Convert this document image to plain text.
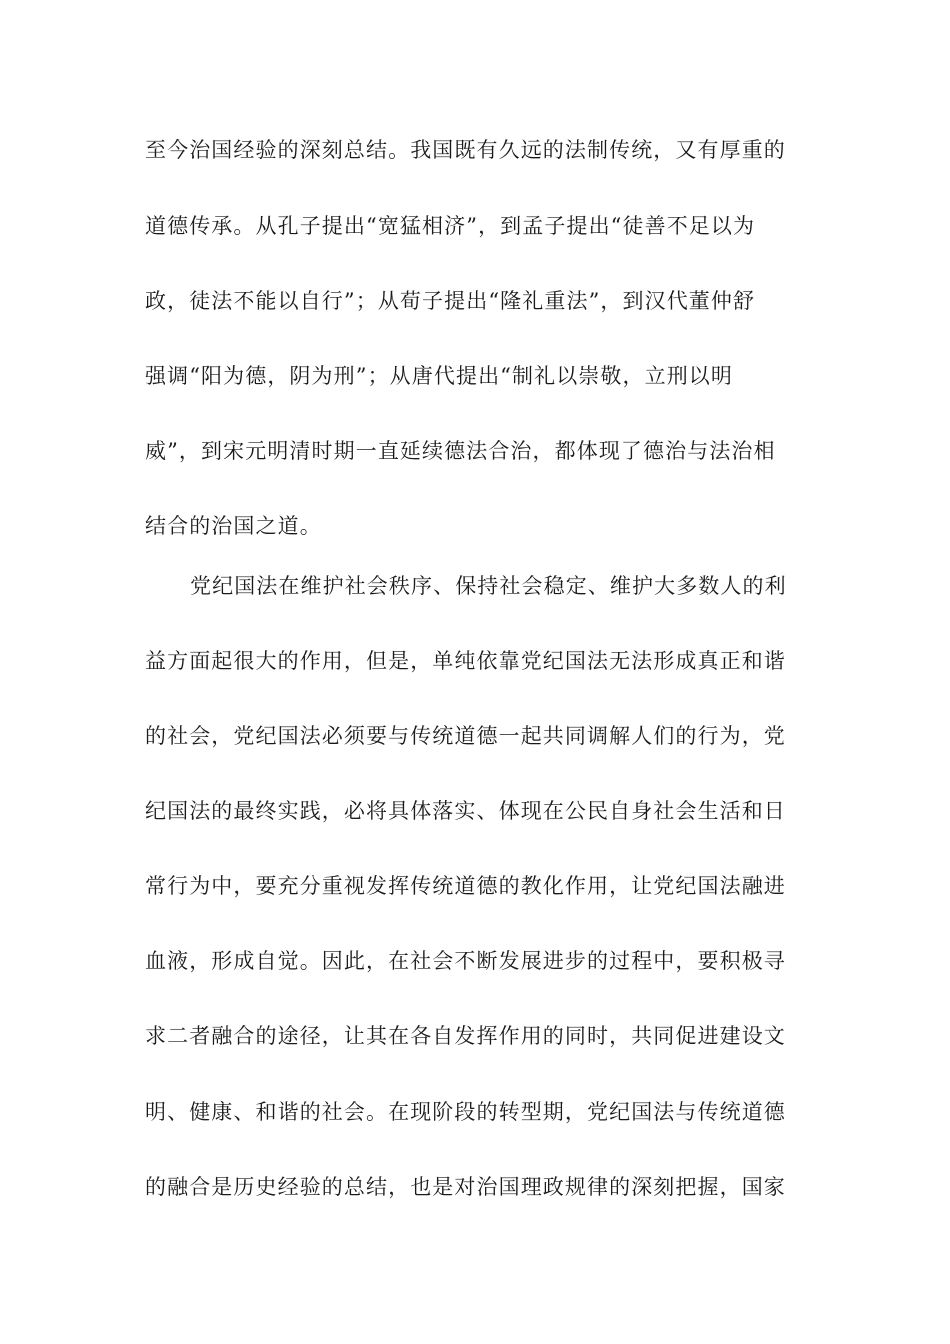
至今治国经验的深刻总结。我国既有久远的法制传统，又有厚重的
道德传承。从孔子提出“宽猛相济”，到孟子提出“徒善不足以为
政，徒法不能以自行”；从荀子提出“隆礼重法”，到汉代董仲舒
强调“阳为德，阴为刑”；从唐代提出“制礼以崇敬，立刑以明
威”，到宋元明清时期一直延续德法合治，都体现了德治与法治相
结合的治国之道。
党纪国法在维护社会秩序、保持社会稳定、维护大多数人的利
益方面起很大的作用，但是，单纯依靠党纪国法无法形成真正和谐
的社会，党纪国法必须要与传统道德一起共同调解人们的行为，党
纪国法的最终实践，必将具体落实、体现在公民自身社会生活和日
常行为中，要充分重视发挥传统道德的教化作用，让党纪国法融进
血液，形成自觉。因此，在社会不断发展进步的过程中，要积极寻
求二者融合的途径，让其在各自发挥作用的同时，共同促进建设文
明、健康、和谐的社会。在现阶段的转型期，党纪国法与传统道德
的融合是历史经验的总结，也是对治国理政规律的深刻把握，国家
